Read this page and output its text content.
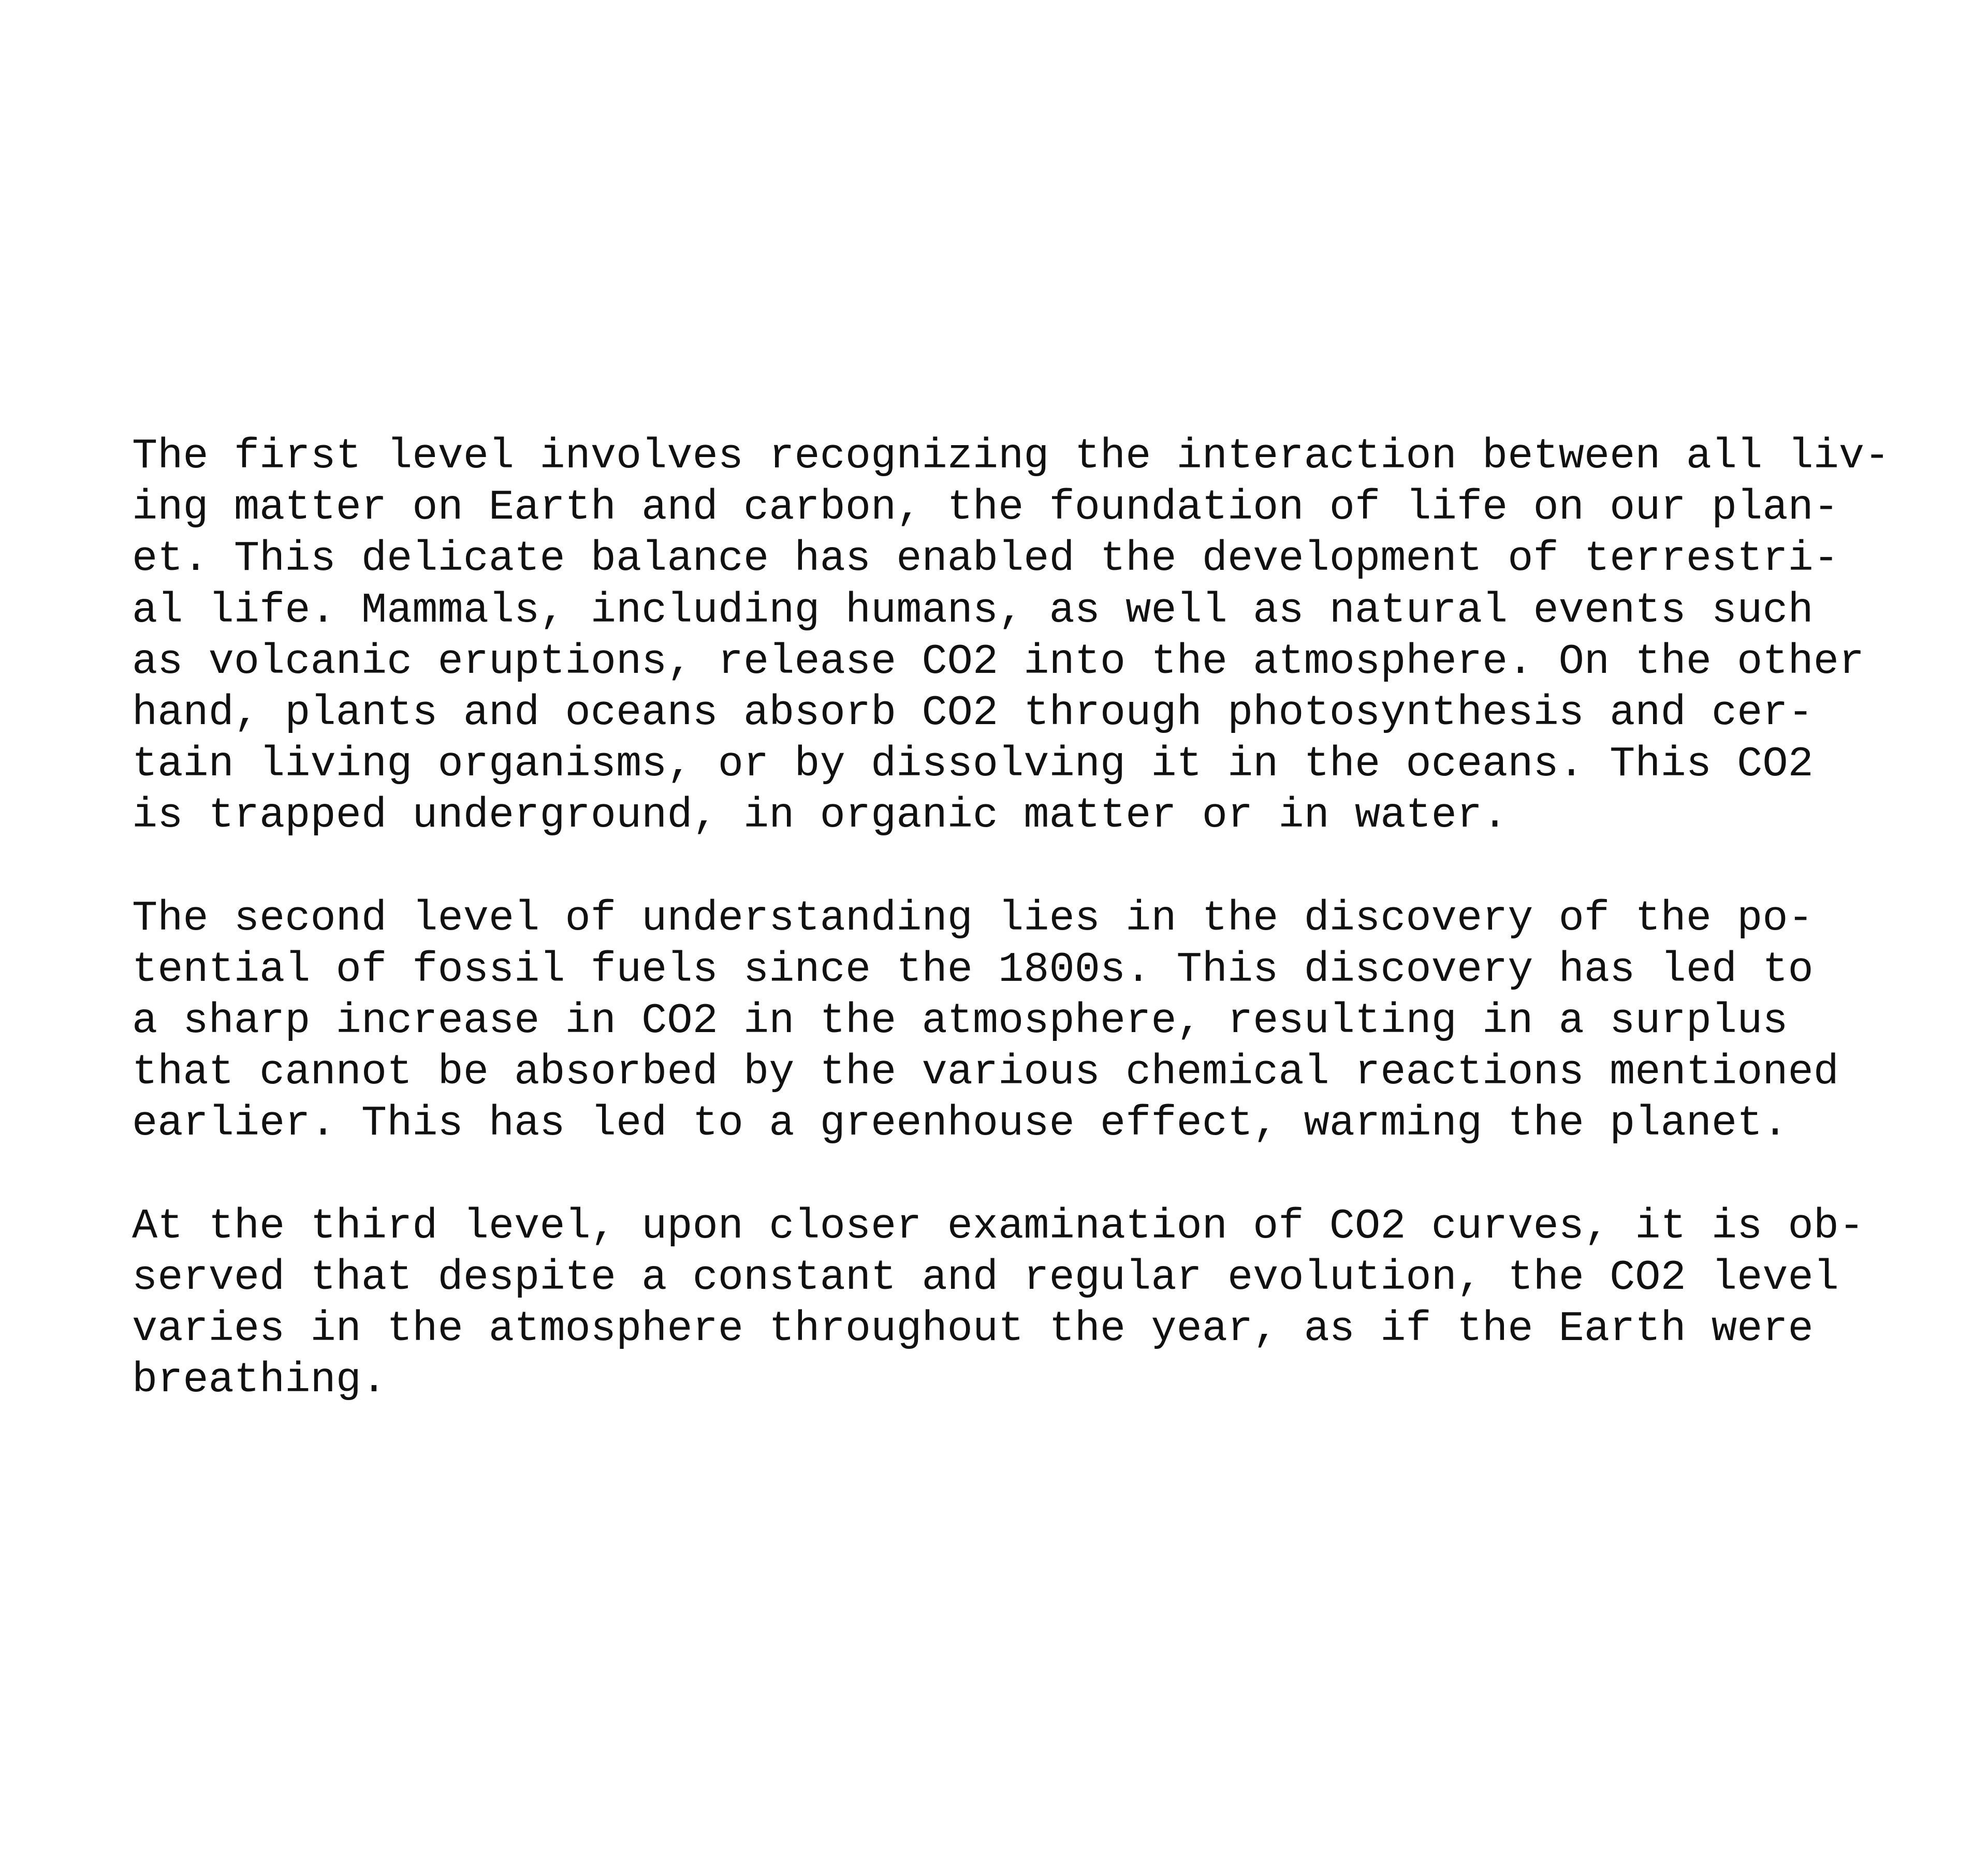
The first level involves recognizing the interaction between all liv-
ing matter on Earth and carbon, the foundation of life on our plan-
et. This delicate balance has enabled the development of terrestri-
al life. Mammals, including humans, as well as natural events such
as volcanic eruptions, release CO2 into the atmosphere. On the other
hand, plants and oceans absorb CO2 through photosynthesis and cer-
tain living organisms, or by dissolving it in the oceans. This CO2
is trapped underground, in organic matter or in water.

The second level of understanding lies in the discovery of the po-
tential of fossil fuels since the 1800s. This discovery has led to
a sharp increase in CO2 in the atmosphere, resulting in a surplus
that cannot be absorbed by the various chemical reactions mentioned
earlier. This has led to a greenhouse effect, warming the planet.

At the third level, upon closer examination of CO2 curves, it is ob-
served that despite a constant and regular evolution, the CO2 level
varies in the atmosphere throughout the year, as if the Earth were
breathing.
